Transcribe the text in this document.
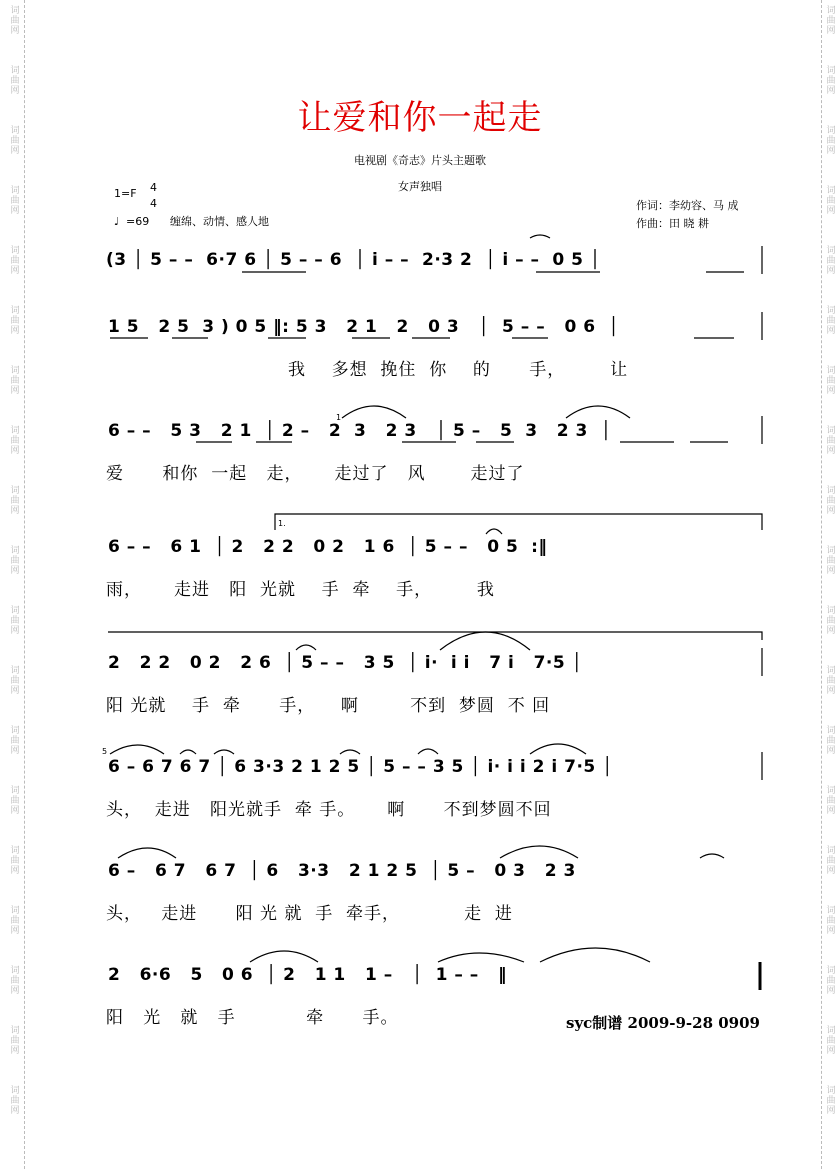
词
曲
网
词
曲
网
词
曲
网
词
曲
网
词
曲
网
词
曲
网
词
曲
网
词
曲
网
词
曲
网
词
曲
网
词
曲
网
词
曲
网
词
曲
网
词
曲
网
词
曲
网
词
曲
网
词
曲
网
词
曲
网
词
曲
网
词
曲
网
词
曲
网
词
曲
网
词
曲
网
词
曲
网
词
曲
网
词
曲
网
词
曲
网
词
曲
网
词
曲
网
词
曲
网
词
曲
网
词
曲
网
词
曲
网
词
曲
网
词
曲
网
词
曲
网
词
曲
网
词
曲
网
让爱和你一起走
电视剧《奇志》片头主题歌
女声独唱
1=F 4
4
♩ =69 缠绵、动情、感人地
作词：李幼容、马 成
作曲：田 晓 耕
(3 │ 5 – –  6·7 6 │ 5 – – 6  │ i – –  2·3 2  │ i – –  0 5 │
1 5   2 5  3 ) 0 5 ‖: 5 3   2 1   2   0 3   │  5 – –   0 6  │
我    多想  挽住  你    的      手，       让
6 – –   5 3   2 1  │ 2 –   2  3   2 3   │ 5 –   5  3   2 3  │
爱      和你  一起   走，     走过了   风       走过了
6 – –   6 1  │ 2   2 2   0 2   1 6  │ 5 – –   0 5  :‖
雨，     走进   阳  光就    手  牵    手，       我
2   2 2   0 2   2 6  │ 5 – –   3 5  │ i·  i i   7 i   7·5 │
阳 光就    手  牵      手，    啊        不到  梦圆  不 回
6 – 6 7 6 7 │ 6 3·3 2 1 2 5 │ 5 – – 3 5 │ i· i i 2 i 7·5 │
头，  走进   阳光就手  牵 手。     啊      不到梦圆不回
6 –   6 7   6 7  │ 6   3·3   2 1 2 5  │ 5 –   0 3   2 3
头，   走进      阳 光 就  手  牵手，          走  进
2   6·6   5   0 6  │ 2   1 1   1 –   │  1 – –   ‖
阳   光   就   手           牵      手。
1.
1
5
syc制谱 2009-9-28 0909
